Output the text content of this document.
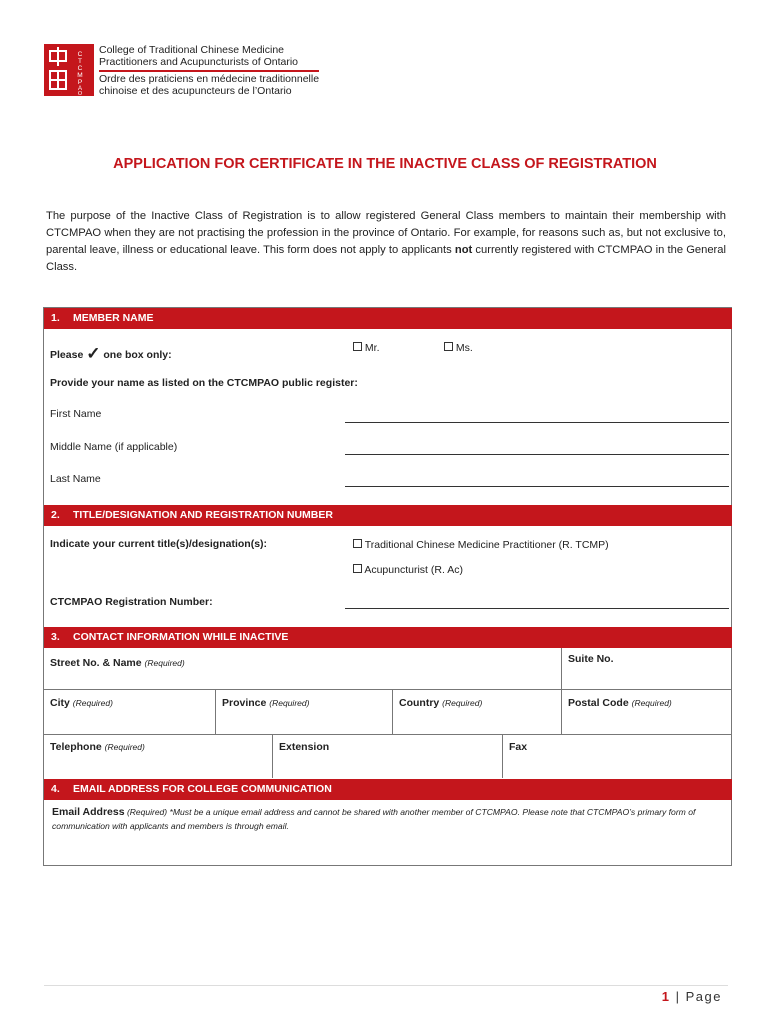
C
T
C
M
P
A
O
College of Traditional Chinese Medicine
Practitioners and Acupuncturists of Ontario
Ordre des praticiens en médecine traditionnelle
chinoise et des acupuncteurs de l’Ontario
APPLICATION FOR CERTIFICATE IN THE INACTIVE CLASS OF REGISTRATION
The purpose of the Inactive Class of Registration is to allow registered General Class members to maintain their membership with CTCMPAO when they are not practising the profession in the province of Ontario. For example, for reasons such as, but not exclusive to, parental leave, illness or educational leave. This form does not apply to applicants not currently registered with CTCMPAO in the General Class.
1. MEMBER NAME
Please ✓ one box only:
Mr.	Ms.
Provide your name as listed on the CTCMPAO public register:
First Name
Middle Name (if applicable)
Last Name
2. TITLE/DESIGNATION AND REGISTRATION NUMBER
Indicate your current title(s)/designation(s):	Traditional Chinese Medicine Practitioner (R. TCMP)
Acupuncturist (R. Ac)
CTCMPAO Registration Number:
3. CONTACT INFORMATION WHILE INACTIVE
Street No. & Name (Required)	Suite No.
City (Required)	Province (Required)	Country (Required)	Postal Code (Required)
Telephone (Required)	Extension	Fax
4. EMAIL ADDRESS FOR COLLEGE COMMUNICATION
Email Address (Required) *Must be a unique email address and cannot be shared with another member of CTCMPAO. Please note that CTCMPAO’s primary form of communication with applicants and members is through email.
1 | Page
